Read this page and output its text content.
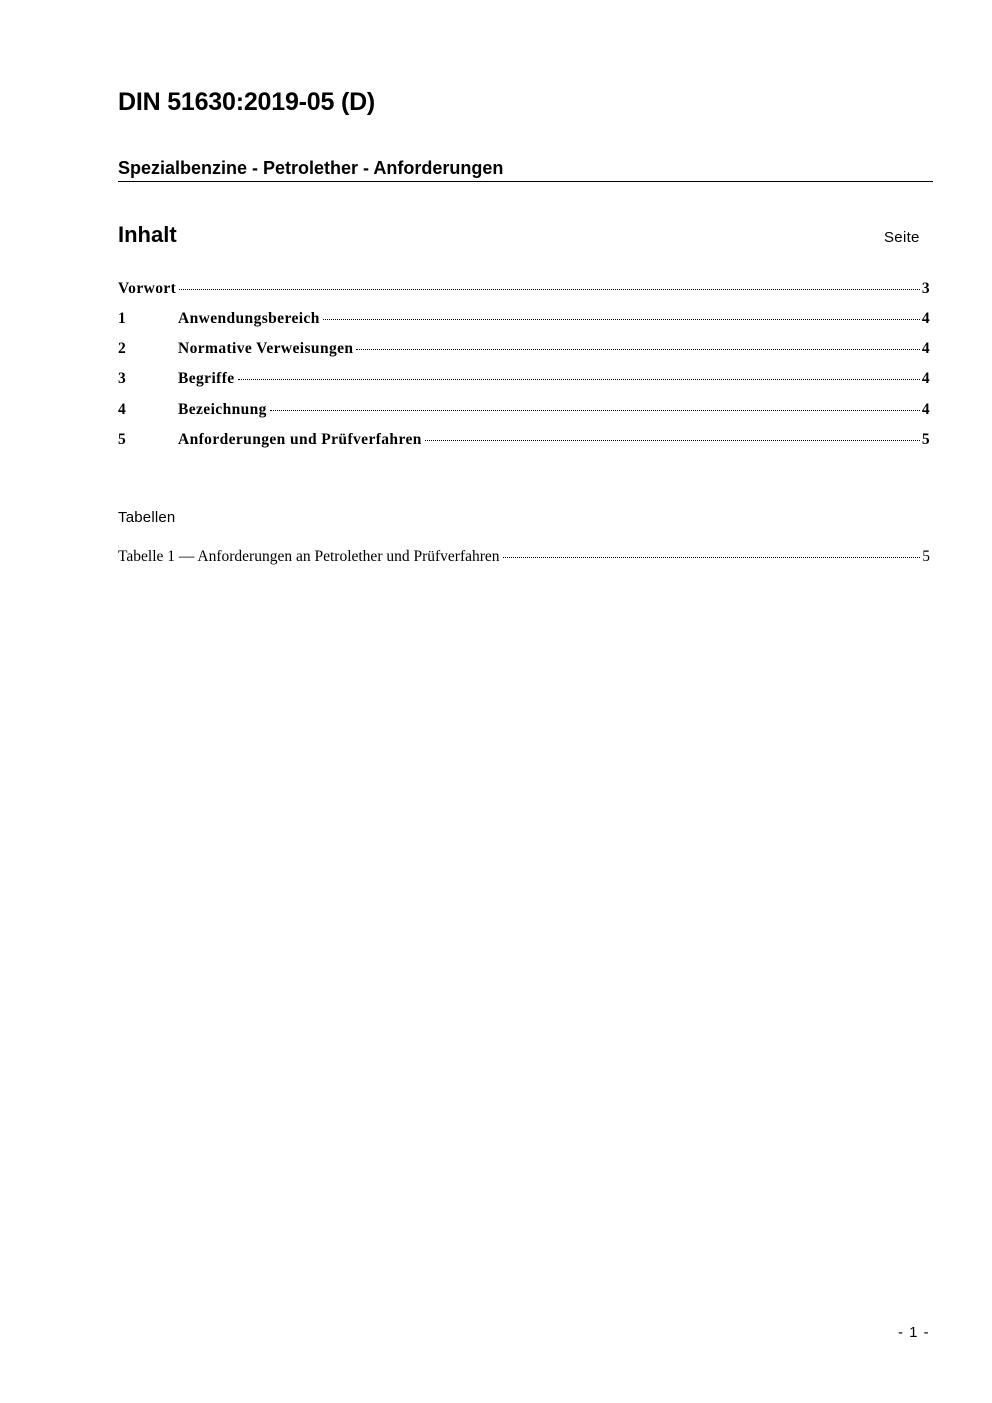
DIN 51630:2019-05 (D)
Spezialbenzine - Petrolether - Anforderungen
Inhalt	Seite
Vorwort	3
1	Anwendungsbereich	4
2	Normative Verweisungen	4
3	Begriffe	4
4	Bezeichnung	4
5	Anforderungen und Prüfverfahren	5
Tabellen
Tabelle 1 — Anforderungen an Petrolether und Prüfverfahren	5
- 1 -
